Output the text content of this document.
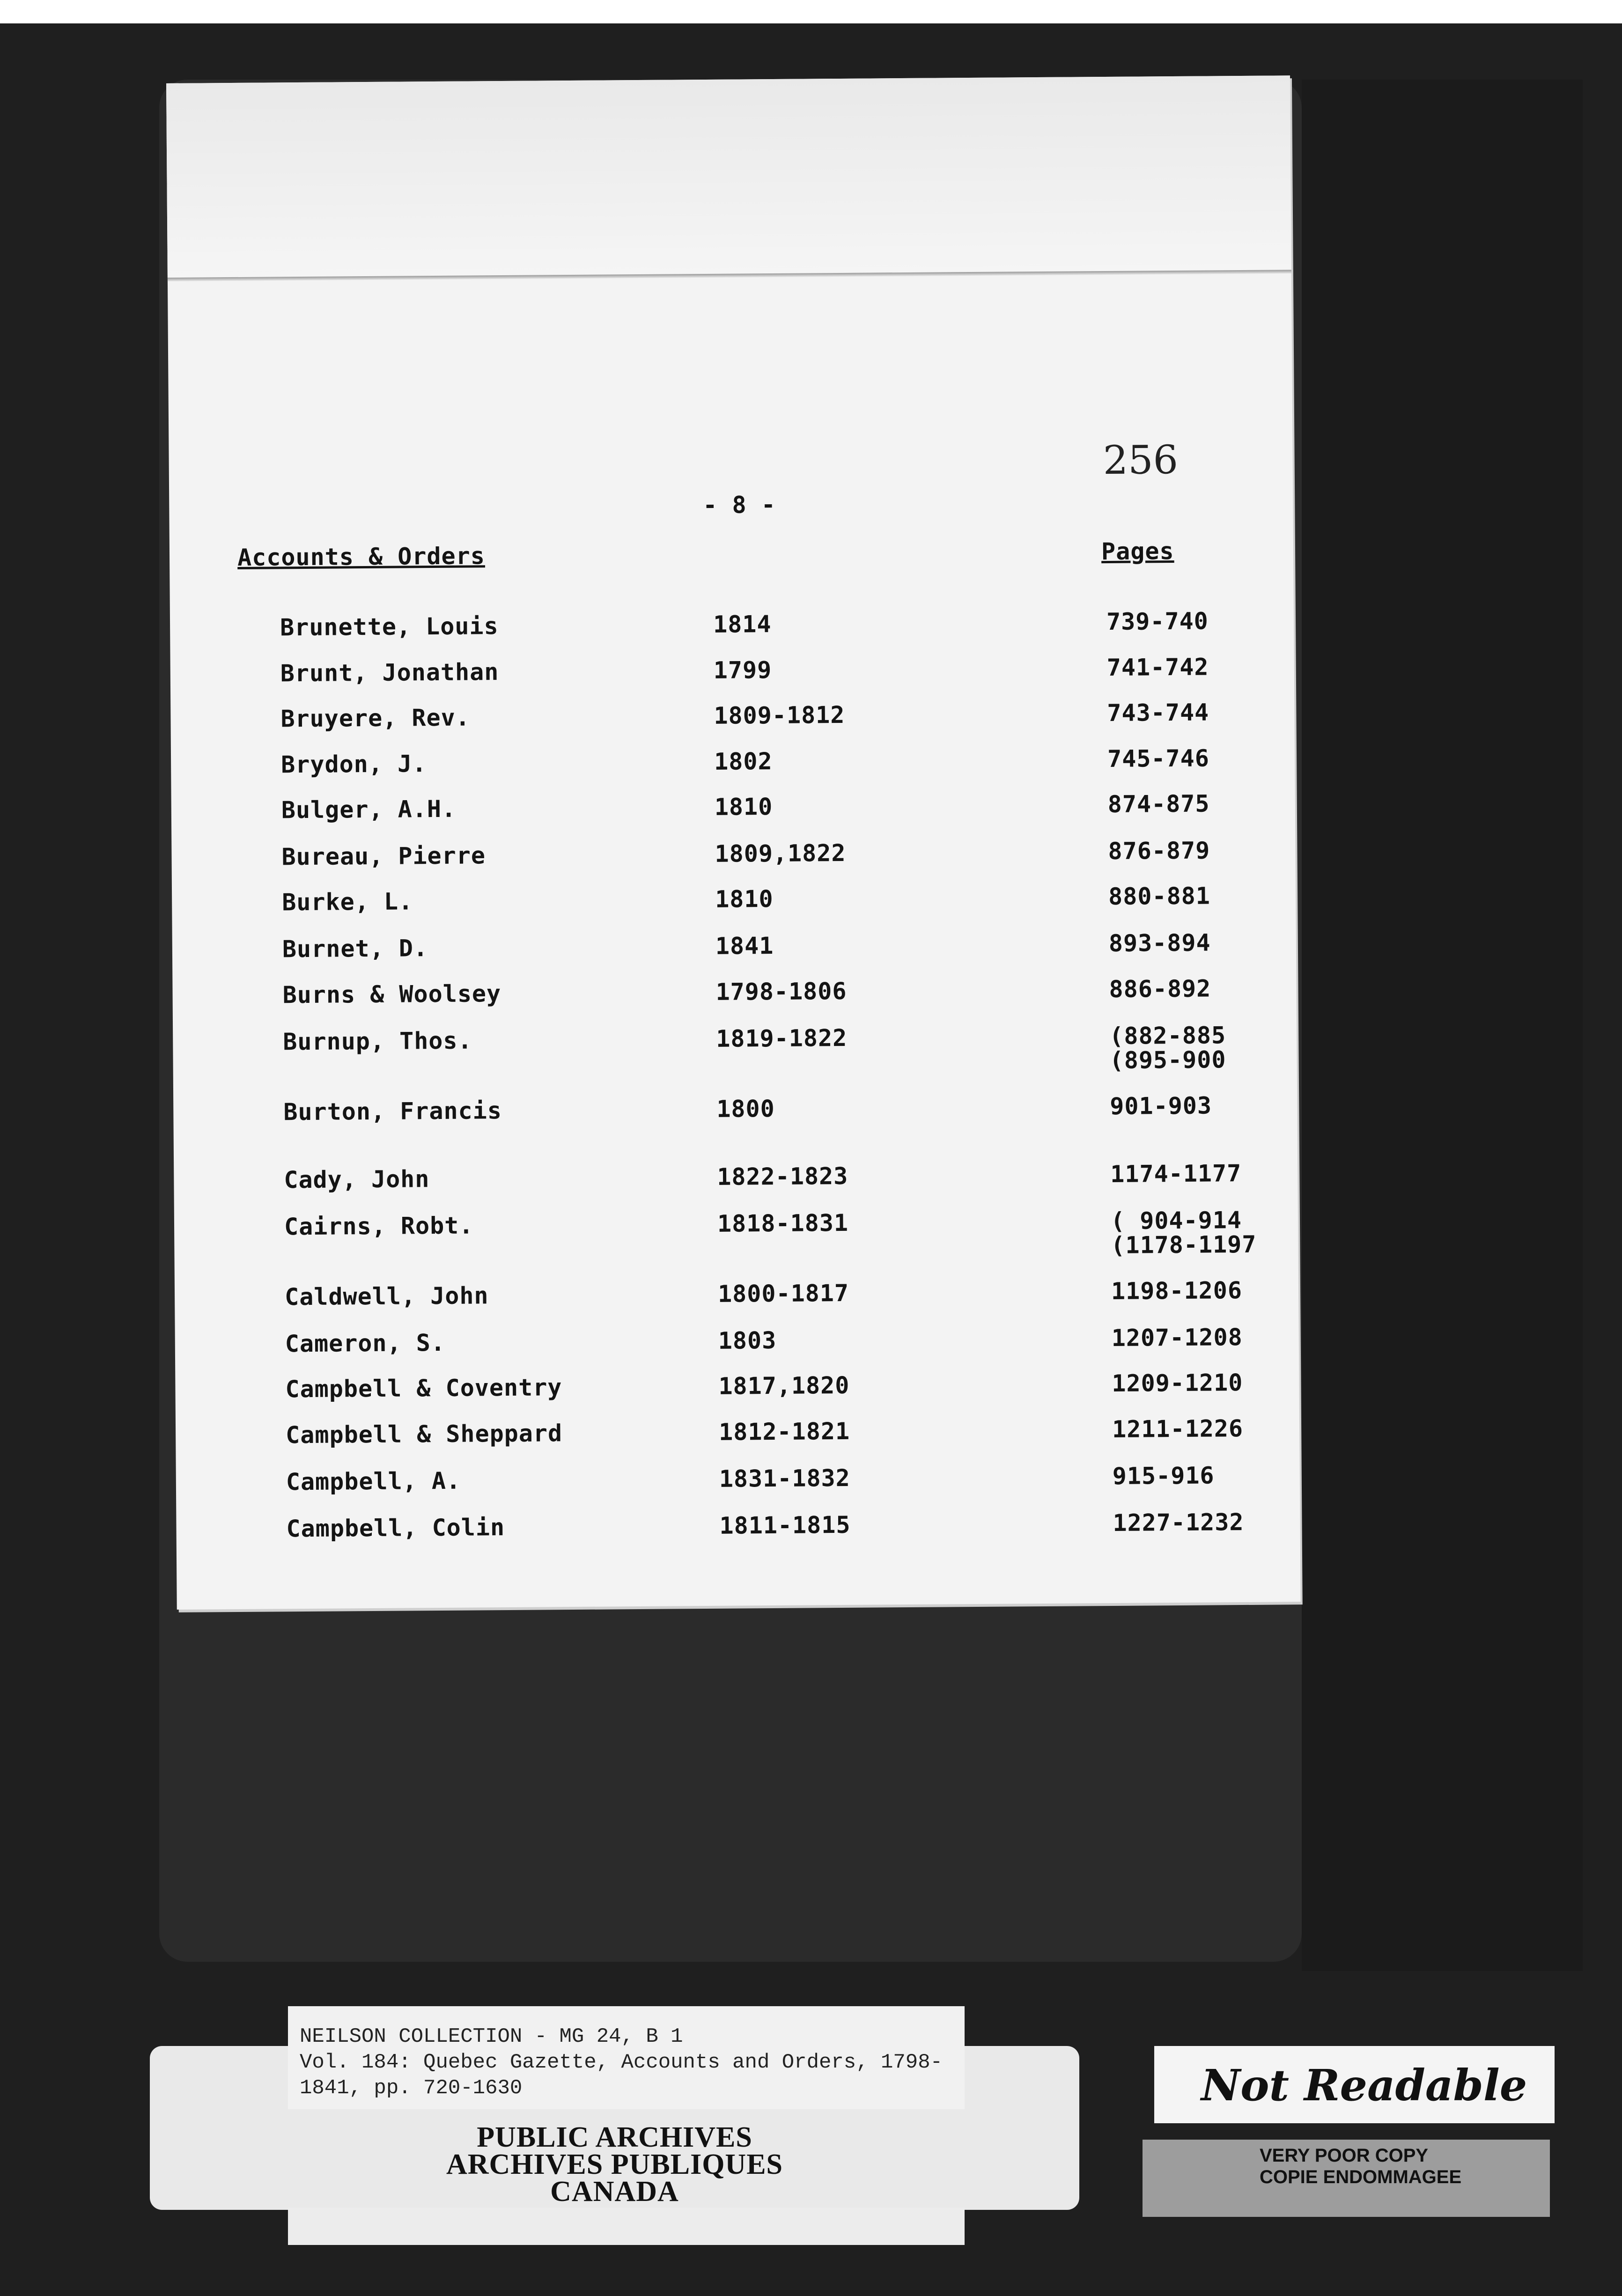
256
- 8 -
Accounts & Orders	Pages
Brunette, Louis	1814	739-740
Brunt, Jonathan	1799	741-742
Bruyere, Rev.	1809-1812	743-744
Brydon, J.	1802	745-746
Bulger, A.H.	1810	874-875
Bureau, Pierre	1809,1822	876-879
Burke, L.	1810	880-881
Burnet, D.	1841	893-894
Burns & Woolsey	1798-1806	886-892
Burnup, Thos.	1819-1822	(882-885
(895-900
Burton, Francis	1800	901-903
Cady, John	1822-1823	1174-1177
Cairns, Robt.	1818-1831	( 904-914
(1178-1197
Caldwell, John	1800-1817	1198-1206
Cameron, S.	1803	1207-1208
Campbell & Coventry	1817,1820	1209-1210
Campbell & Sheppard	1812-1821	1211-1226
Campbell, A.	1831-1832	915-916
Campbell, Colin	1811-1815	1227-1232
PUBLIC ARCHIVES
ARCHIVES PUBLIQUES
CANADA
NEILSON COLLECTION - MG 24, B 1
Vol. 184: Quebec Gazette, Accounts and Orders, 1798-
1841, pp. 720-1630	Not Readable
VERY POOR COPY
COPIE ENDOMMAGEE
